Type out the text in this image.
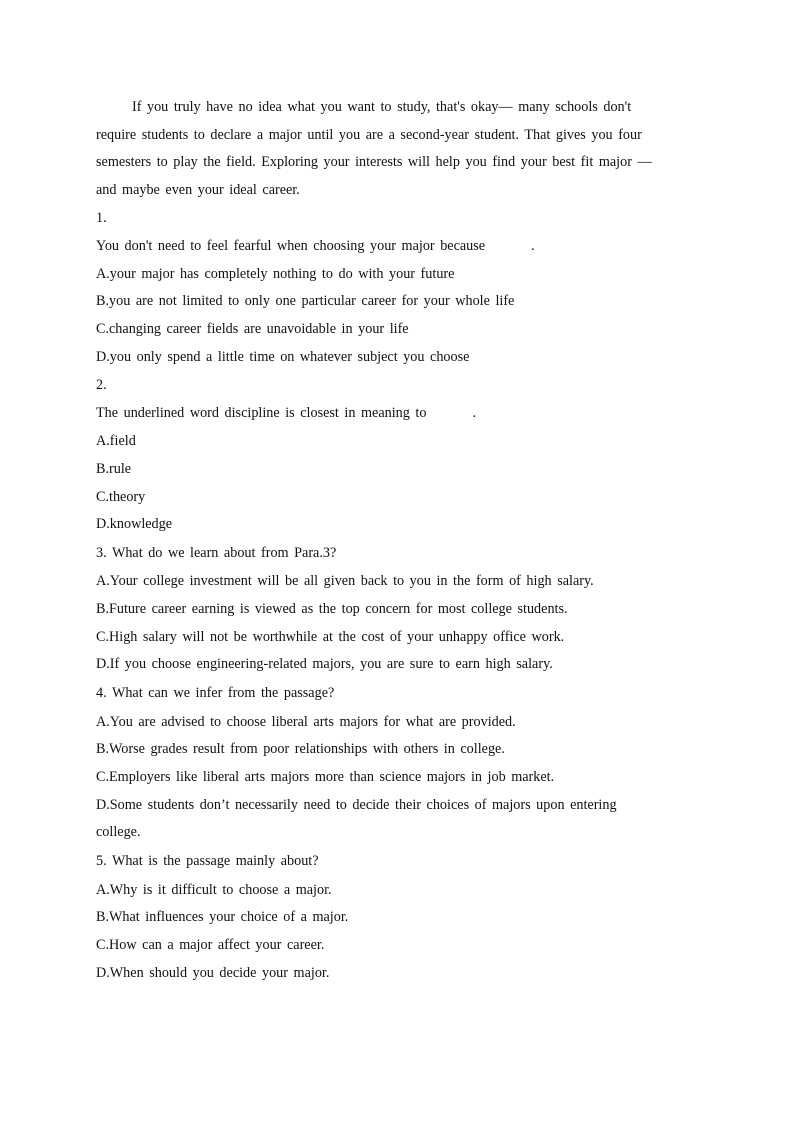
If you truly have no idea what you want to study, that's okay— many schools don't
require students to declare a major until you are a second-year student. That gives you four
semesters to play the field. Exploring your interests will help you find your best fit major —
and maybe even your ideal career.
1.
You don't need to feel fearful when choosing your major because	.
A.your major has completely nothing to do with your future
B.you are not limited to only one particular career for your whole life
C.changing career fields are unavoidable in your life
D.you only spend a little time on whatever subject you choose
2.
The underlined word discipline is closest in meaning to	.
A.field
B.rule
C.theory
D.knowledge
3. What do we learn about from Para.3?
A.Your college investment will be all given back to you in the form of high salary.
B.Future career earning is viewed as the top concern for most college students.
C.High salary will not be worthwhile at the cost of your unhappy office work.
D.If you choose engineering-related majors, you are sure to earn high salary.
4. What can we infer from the passage?
A.You are advised to choose liberal arts majors for what are provided.
B.Worse grades result from poor relationships with others in college.
C.Employers like liberal arts majors more than science majors in job market.
D.Some students don’t necessarily need to decide their choices of majors upon entering
college.
5. What is the passage mainly about?
A.Why is it difficult to choose a major.
B.What influences your choice of a major.
C.How can a major affect your career.
D.When should you decide your major.
